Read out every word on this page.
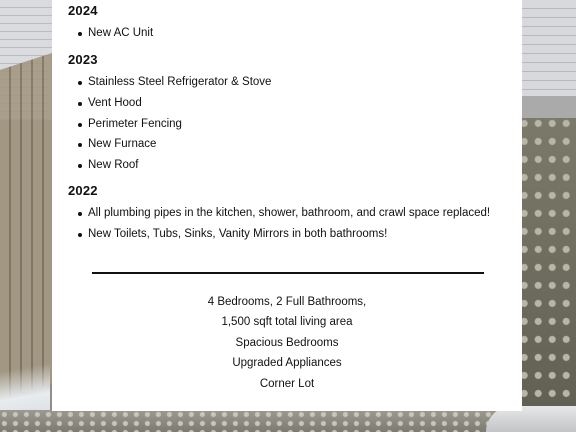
2024
New AC Unit
2023
Stainless Steel Refrigerator & Stove
Vent Hood
Perimeter Fencing
New Furnace
New Roof
2022
All plumbing pipes in the kitchen, shower, bathroom, and crawl space replaced!
New Toilets, Tubs, Sinks, Vanity Mirrors in both bathrooms!
4 Bedrooms, 2 Full Bathrooms,
1,500 sqft total living area
Spacious Bedrooms
Upgraded Appliances
Corner Lot
